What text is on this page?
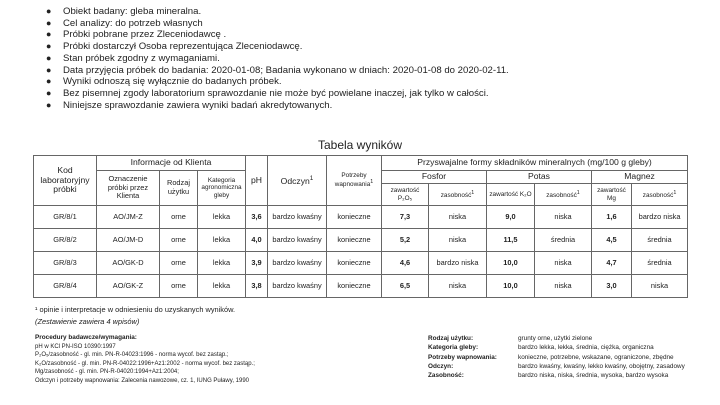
● Obiekt badany: gleba mineralna.
● Cel analizy: do potrzeb własnych
● Próbki pobrane przez Zleceniodawcę .
● Próbki dostarczył Osoba reprezentująca Zleceniodawcę.
● Stan próbek zgodny z wymaganiami.
● Data przyjęcia próbek do badania: 2020-01-08; Badania wykonano w dniach: 2020-01-08 do 2020-02-11.
● Wyniki odnoszą się wyłącznie do badanych próbek.
● Bez pisemnej zgody laboratorium sprawozdanie nie może być powielane inaczej, jak tylko w całości.
● Niniejsze sprawozdanie zawiera wyniki badań akredytowanych.
Tabela wyników
Kod laboratoryjny próbki	Informacje od Klienta			pH	Odczyn$^1$	Potrzeby wapnowania$^1$	Przyswajalne formy składników mineralnych (mg/100 g gleby)					
	Oznaczenie próbki przez Klienta	Rodzaj użytku	Kategoria agronomiczna gleby				Fosfor		Potas		Magnez	
							zawartość P₂O₅	zasobność$^1$	zawartość K₂O	zasobność$^1$	zawartość Mg	zasobność$^1$
GR/8/1	AO/JM-Z	orne	lekka	3,6	bardzo kwaśny	konieczne	7,3	niska	9,0	niska	1,6	bardzo niska
GR/8/2	AO/JM-D	orne	lekka	4,0	bardzo kwaśny	konieczne	5,2	niska	11,5	średnia	4,5	średnia
GR/8/3	AO/GK-D	orne	lekka	3,9	bardzo kwaśny	konieczne	4,6	bardzo niska	10,0	niska	4,7	średnia
GR/8/4	AO/GK-Z	orne	lekka	3,8	bardzo kwaśny	konieczne	6,5	niska	10,0	niska	3,0	niska
¹ opinie i interpretacje w odniesieniu do uzyskanych wyników.
(Zestawienie zawiera 4 wpisów)
Procedury badawcze/wymagania:
pH w KCl PN-ISO 10390:1997
P₂O₅/zasobność - gl. min. PN-R-04023:1996 - norma wycof. bez zastąp.;
K₂O/zasobność - gl. min. PN-R-04022:1996+Az1:2002 - norma wycof. bez zastąp.;
Mg/zasobność - gl. min. PN-R-04020:1994+Az1:2004;
Odczyn i potrzeby wapnowania: Zalecenia nawozowe, cz. 1, IUNG Puławy, 1990
Rodzaj użytku:	grunty orne, użytki zielone
Kategoria gleby:	bardzo lekka, lekka, średnia, ciężka, organiczna
Potrzeby wapnowania:	konieczne, potrzebne, wskazane, ograniczone, zbędne
Odczyn:	bardzo kwaśny, kwaśny, lekko kwaśny, obojętny, zasadowy
Zasobność:	bardzo niska, niska, średnia, wysoka, bardzo wysoka
